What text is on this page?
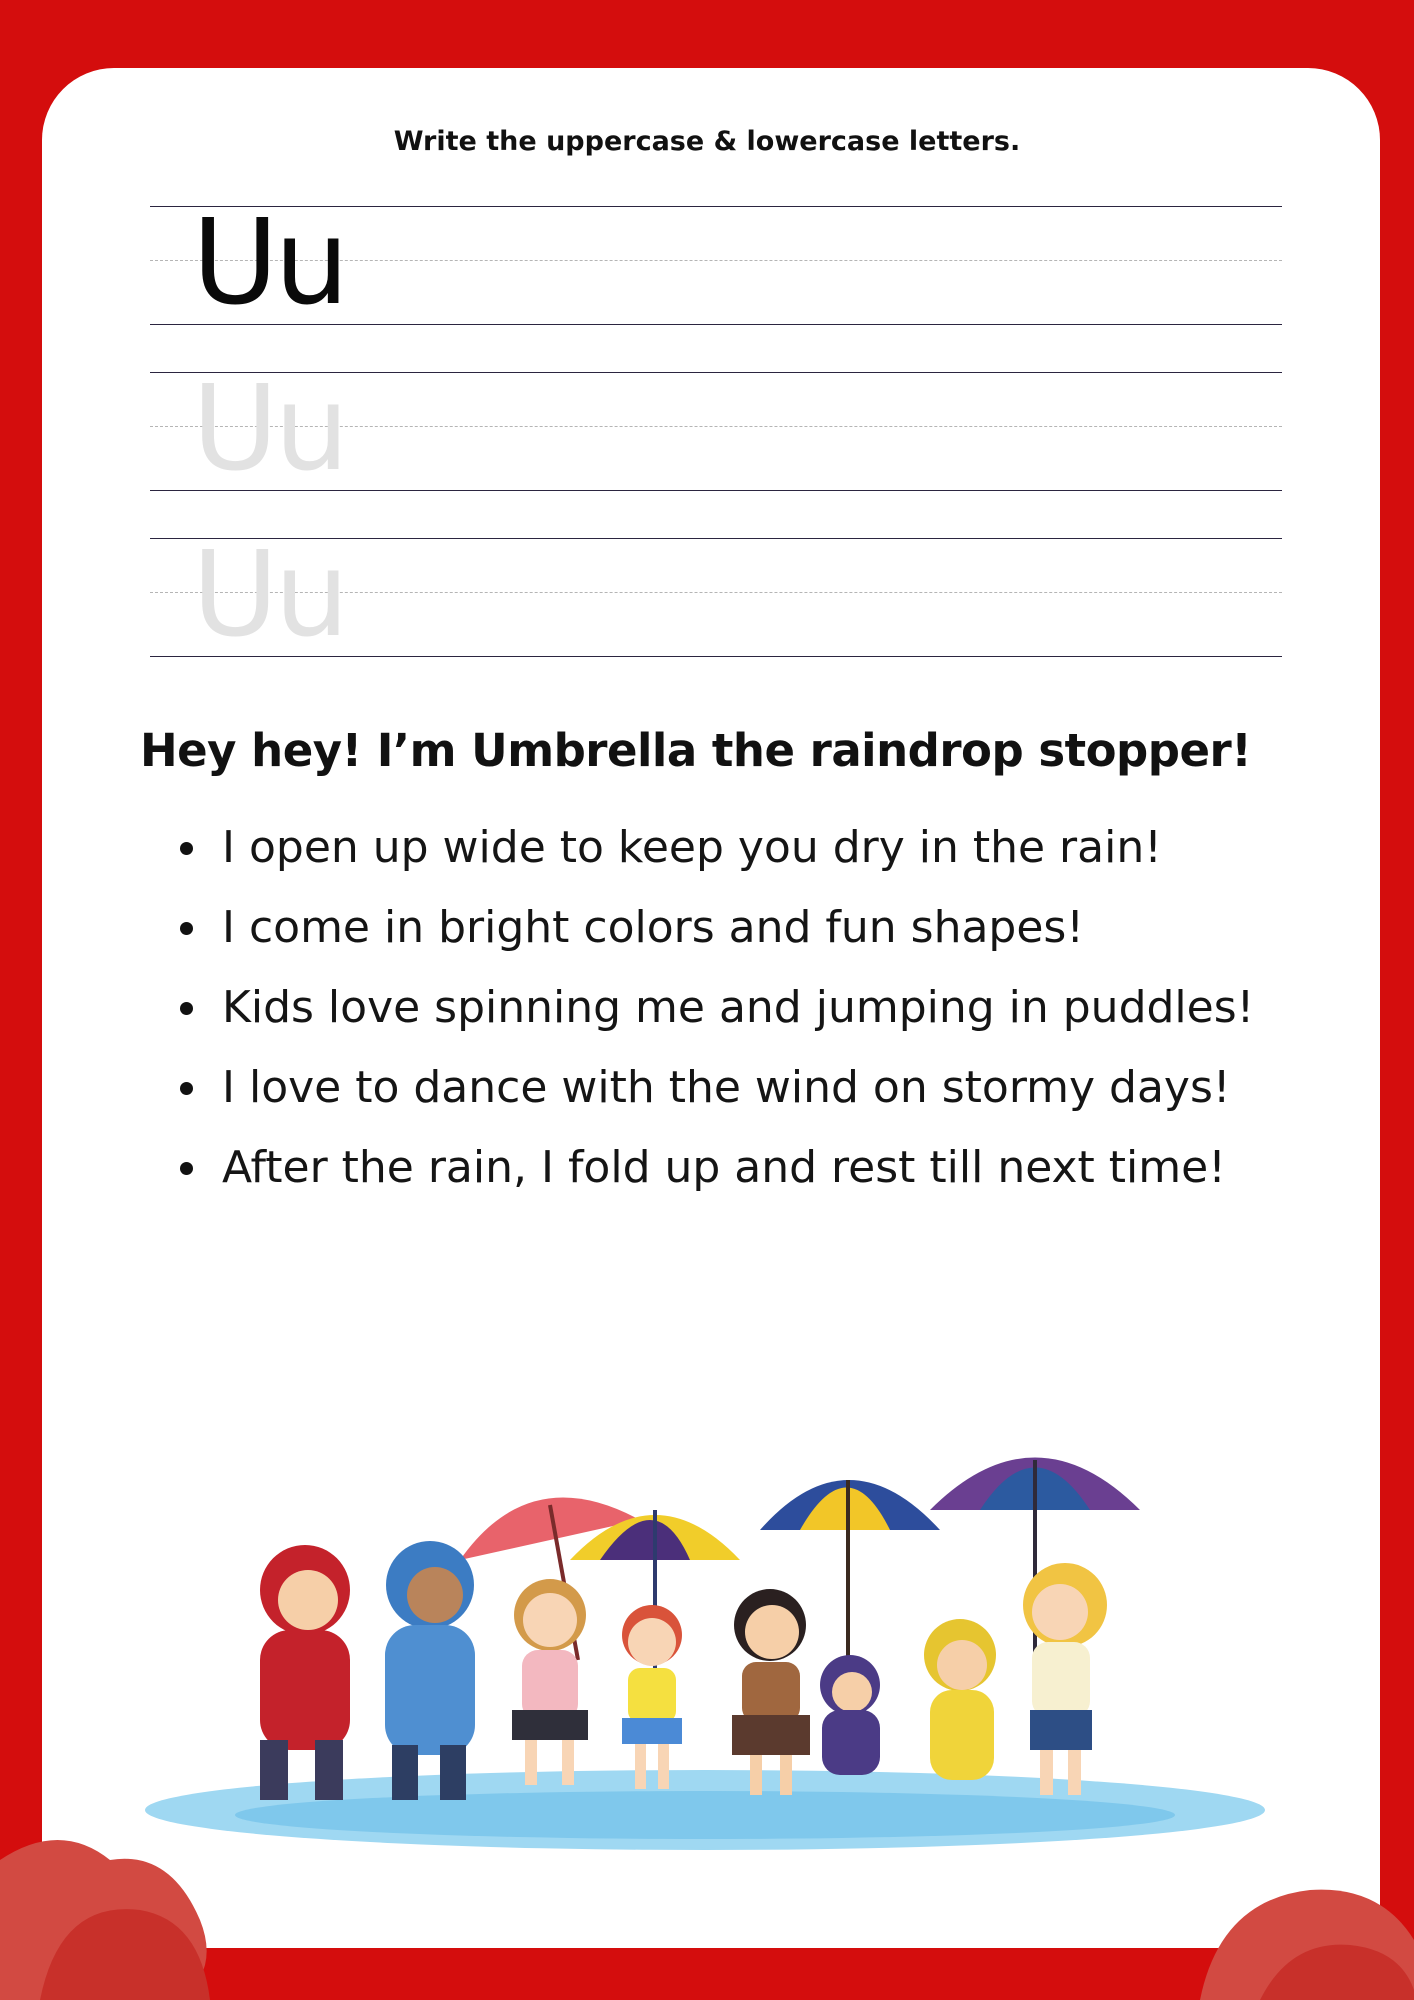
Write the uppercase & lowercase letters.
Uu
Uu
Uu
Hey hey! I’m Umbrella the raindrop stopper!
I open up wide to keep you dry in the rain!
I come in bright colors and fun shapes!
Kids love spinning me and jumping in puddles!
I love to dance with the wind on stormy days!
After the rain, I fold up and rest till next time!
